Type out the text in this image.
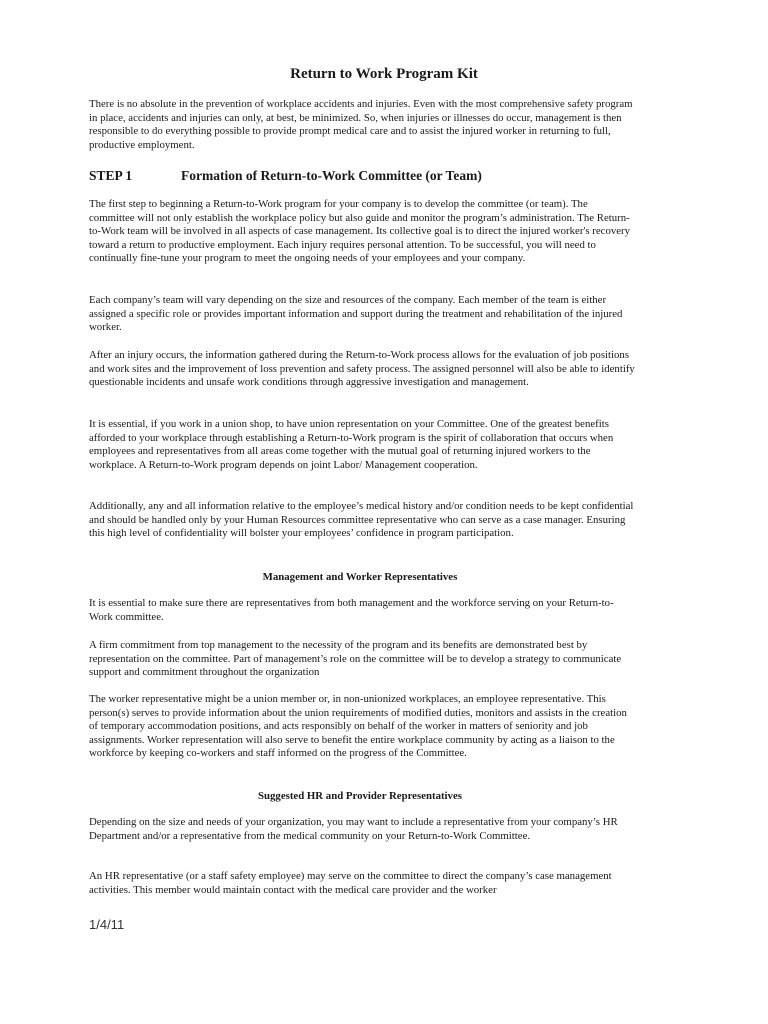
Return to Work Program Kit

There is no absolute in the prevention of workplace accidents and injuries. Even with the most comprehensive safety program in place, accidents and injuries can only, at best, be minimized. So, when injuries or illnesses do occur, management is then responsible to do everything possible to provide prompt medical care and to assist the injured worker in returning to full, productive employment.

STEP 1	Formation of Return-to-Work Committee (or Team)

The first step to beginning a Return-to-Work program for your company is to develop the committee (or team). The committee will not only establish the workplace policy but also guide and monitor the program’s administration. The Return-to-Work team will be involved in all aspects of case management. Its collective goal is to direct the injured worker's recovery toward a return to productive employment. Each injury requires personal attention. To be successful, you will need to continually fine-tune your program to meet the ongoing needs of your employees and your company.

Each company’s team will vary depending on the size and resources of the company. Each member of the team is either assigned a specific role or provides important information and support during the treatment and rehabilitation of the injured worker.

After an injury occurs, the information gathered during the Return-to-Work process allows for the evaluation of job positions and work sites and the improvement of loss prevention and safety process. The assigned personnel will also be able to identify questionable incidents and unsafe work conditions through aggressive investigation and management.

It is essential, if you work in a union shop, to have union representation on your Committee. One of the greatest benefits afforded to your workplace through establishing a Return-to-Work program is the spirit of collaboration that occurs when employees and representatives from all areas come together with the mutual goal of returning injured workers to the workplace. A Return-to-Work program depends on joint Labor/ Management cooperation.

Additionally, any and all information relative to the employee’s medical history and/or condition needs to be kept confidential and should be handled only by your Human Resources committee representative who can serve as a case manager. Ensuring this high level of confidentiality will bolster your employees’ confidence in program participation.

Management and Worker Representatives

It is essential to make sure there are representatives from both management and the workforce serving on your Return-to-Work committee.

A firm commitment from top management to the necessity of the program and its benefits are demonstrated best by representation on the committee. Part of management’s role on the committee will be to develop a strategy to communicate support and commitment throughout the organization

The worker representative might be a union member or, in non-unionized workplaces, an employee representative. This person(s) serves to provide information about the union requirements of modified duties, monitors and assists in the creation of temporary accommodation positions, and acts responsibly on behalf of the worker in matters of seniority and job assignments. Worker representation will also serve to benefit the entire workplace community by acting as a liaison to the workforce by keeping co-workers and staff informed on the progress of the Committee.

Suggested HR and Provider Representatives

Depending on the size and needs of your organization, you may want to include a representative from your company’s HR Department and/or a representative from the medical community on your Return-to-Work Committee.

An HR representative (or a staff safety employee) may serve on the committee to direct the company’s case management activities. This member would maintain contact with the medical care provider and the worker

1/4/11
